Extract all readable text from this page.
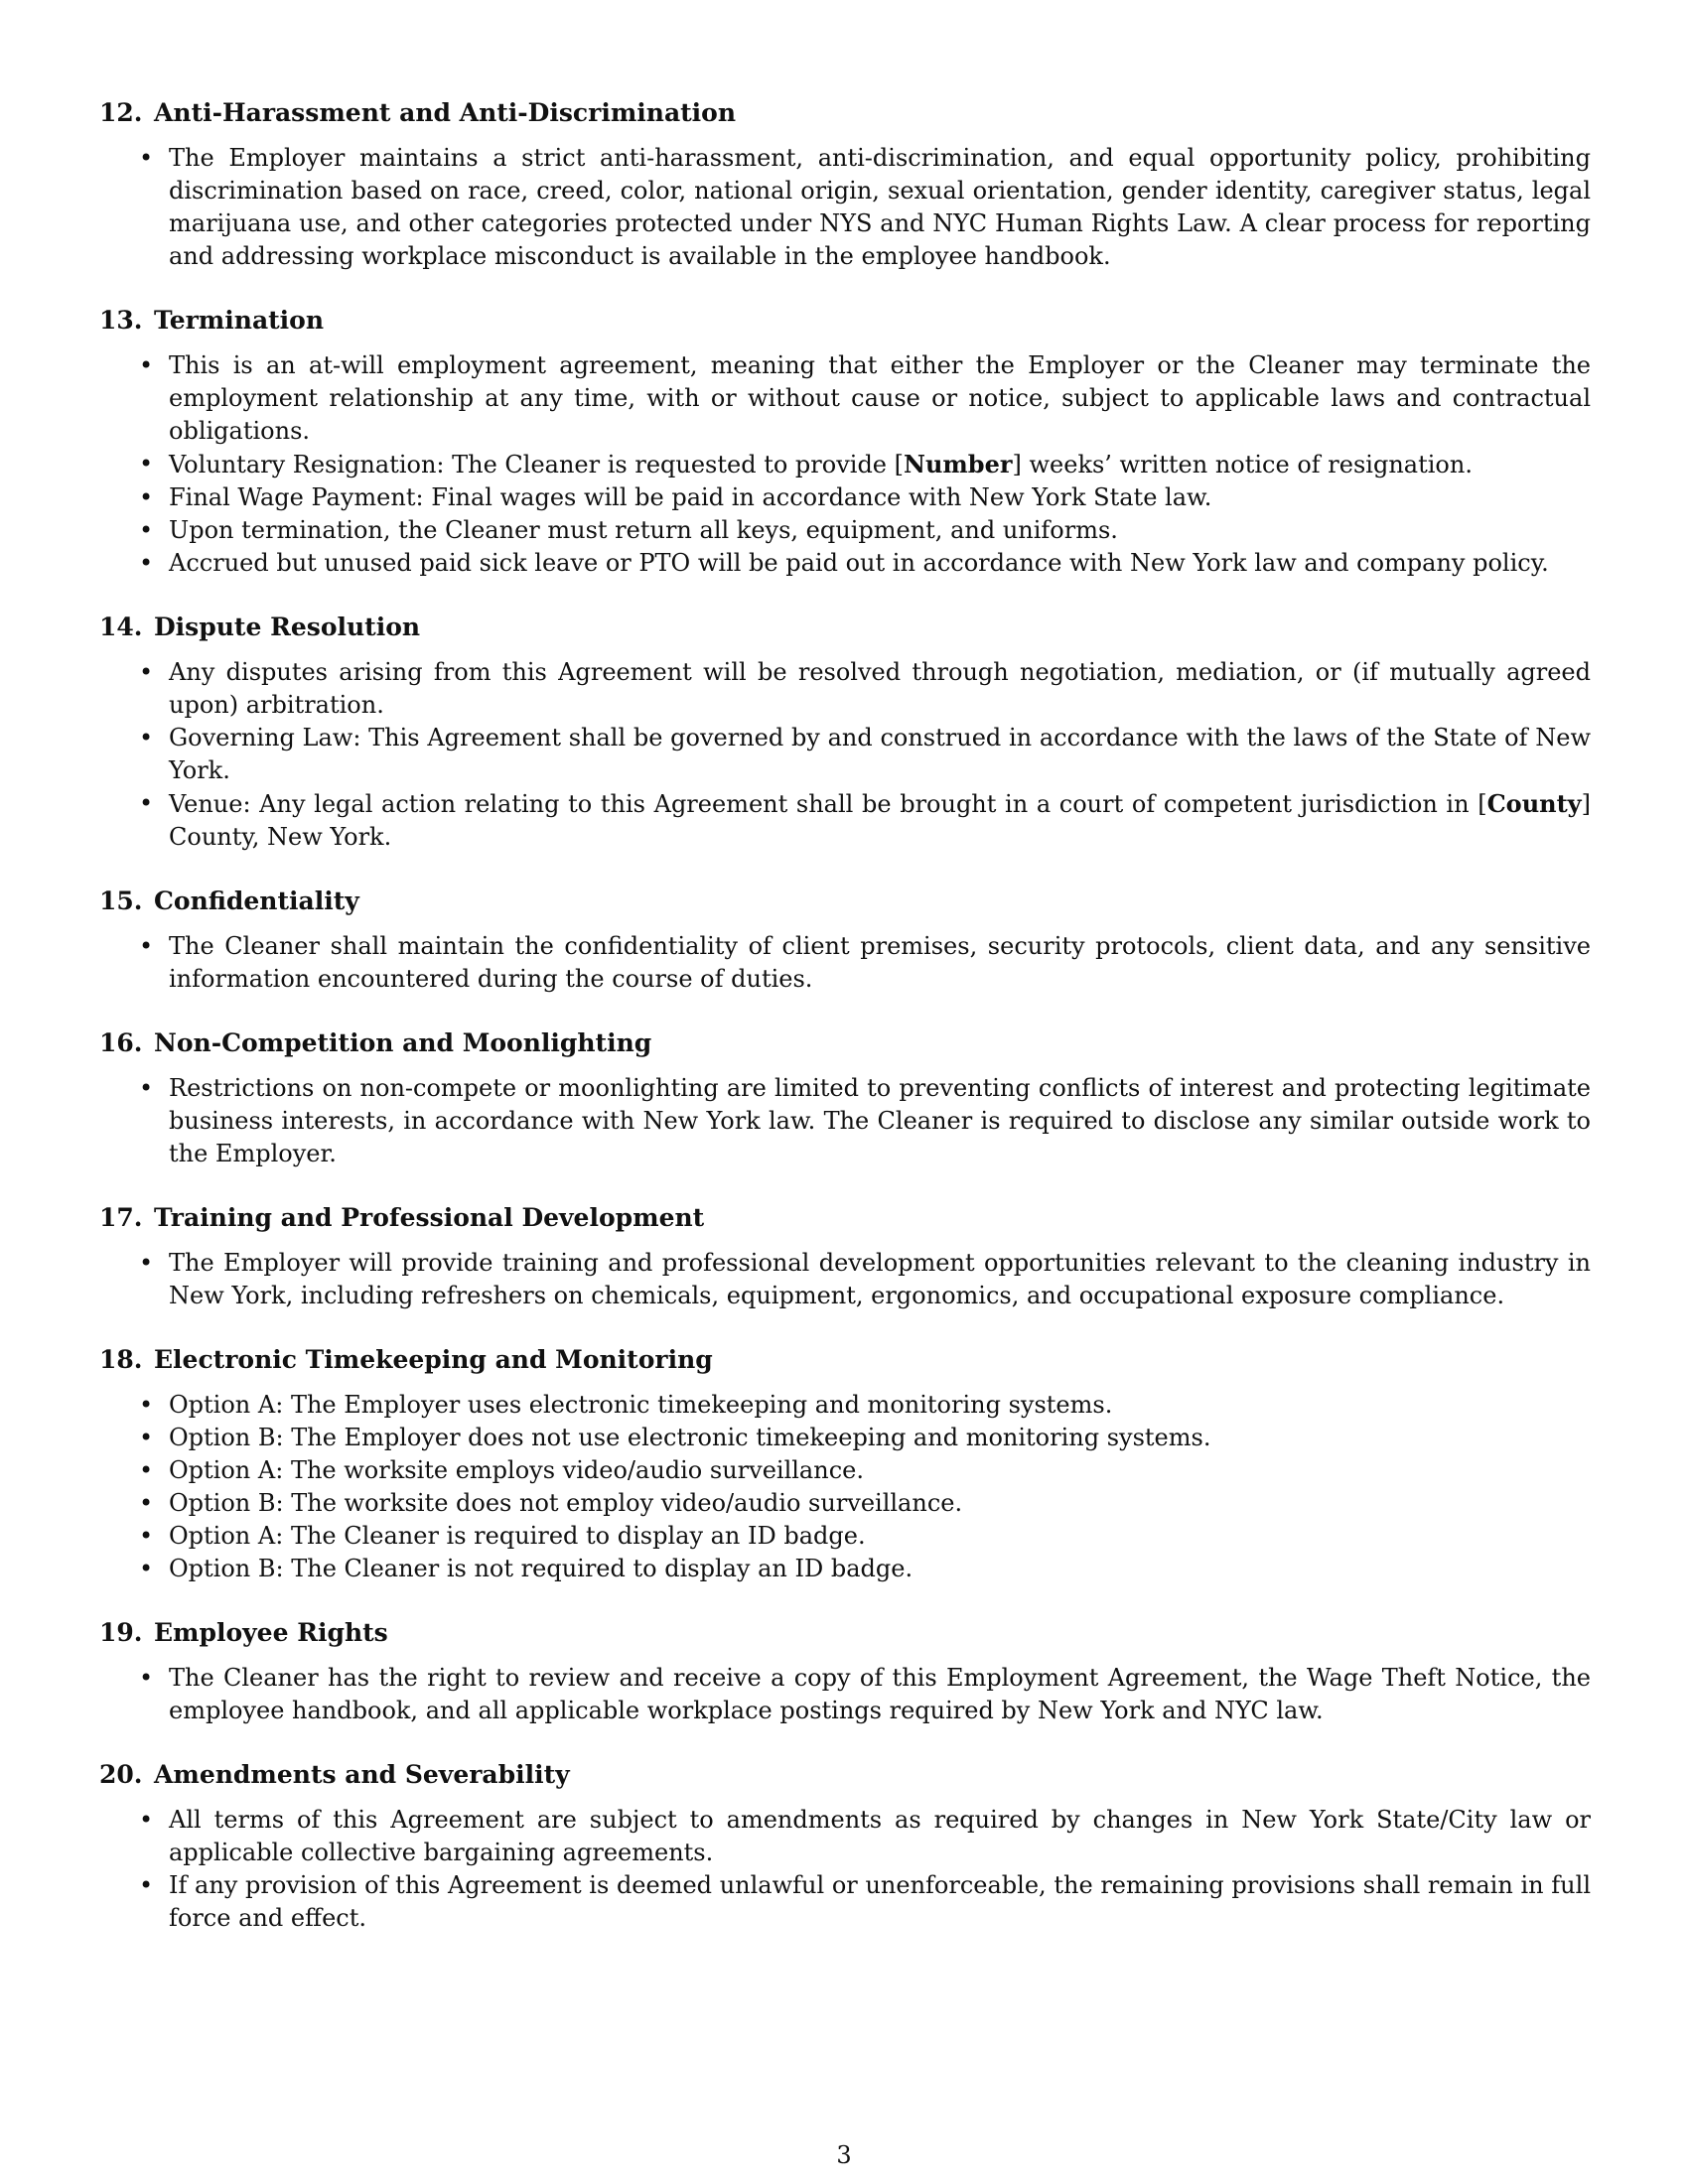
12. Anti-Harassment and Anti-Discrimination
• The Employer maintains a strict anti-harassment, anti-discrimination, and equal opportunity policy, prohibiting discrimination based on race, creed, color, national origin, sexual orientation, gender identity, caregiver status, legal marijuana use, and other categories protected under NYS and NYC Human Rights Law. A clear process for reporting and addressing workplace misconduct is available in the employee handbook.
13. Termination
• This is an at-will employment agreement, meaning that either the Employer or the Cleaner may terminate the employment relationship at any time, with or without cause or notice, subject to applicable laws and contractual obligations.
• Voluntary Resignation: The Cleaner is requested to provide [Number] weeks’ written notice of resignation.
• Final Wage Payment: Final wages will be paid in accordance with New York State law.
• Upon termination, the Cleaner must return all keys, equipment, and uniforms.
• Accrued but unused paid sick leave or PTO will be paid out in accordance with New York law and company policy.
14. Dispute Resolution
• Any disputes arising from this Agreement will be resolved through negotiation, mediation, or (if mutually agreed upon) arbitration.
• Governing Law: This Agreement shall be governed by and construed in accordance with the laws of the State of New York.
• Venue: Any legal action relating to this Agreement shall be brought in a court of competent jurisdiction in [County] County, New York.
15. Confidentiality
• The Cleaner shall maintain the confidentiality of client premises, security protocols, client data, and any sensitive information encountered during the course of duties.
16. Non-Competition and Moonlighting
• Restrictions on non-compete or moonlighting are limited to preventing conflicts of interest and protecting legitimate business interests, in accordance with New York law. The Cleaner is required to disclose any similar outside work to the Employer.
17. Training and Professional Development
• The Employer will provide training and professional development opportunities relevant to the cleaning industry in New York, including refreshers on chemicals, equipment, ergonomics, and occupational exposure compliance.
18. Electronic Timekeeping and Monitoring
• Option A: The Employer uses electronic timekeeping and monitoring systems.
• Option B: The Employer does not use electronic timekeeping and monitoring systems.
• Option A: The worksite employs video/audio surveillance.
• Option B: The worksite does not employ video/audio surveillance.
• Option A: The Cleaner is required to display an ID badge.
• Option B: The Cleaner is not required to display an ID badge.
19. Employee Rights
• The Cleaner has the right to review and receive a copy of this Employment Agreement, the Wage Theft Notice, the employee handbook, and all applicable workplace postings required by New York and NYC law.
20. Amendments and Severability
• All terms of this Agreement are subject to amendments as required by changes in New York State/City law or applicable collective bargaining agreements.
• If any provision of this Agreement is deemed unlawful or unenforceable, the remaining provisions shall remain in full force and effect.
3
